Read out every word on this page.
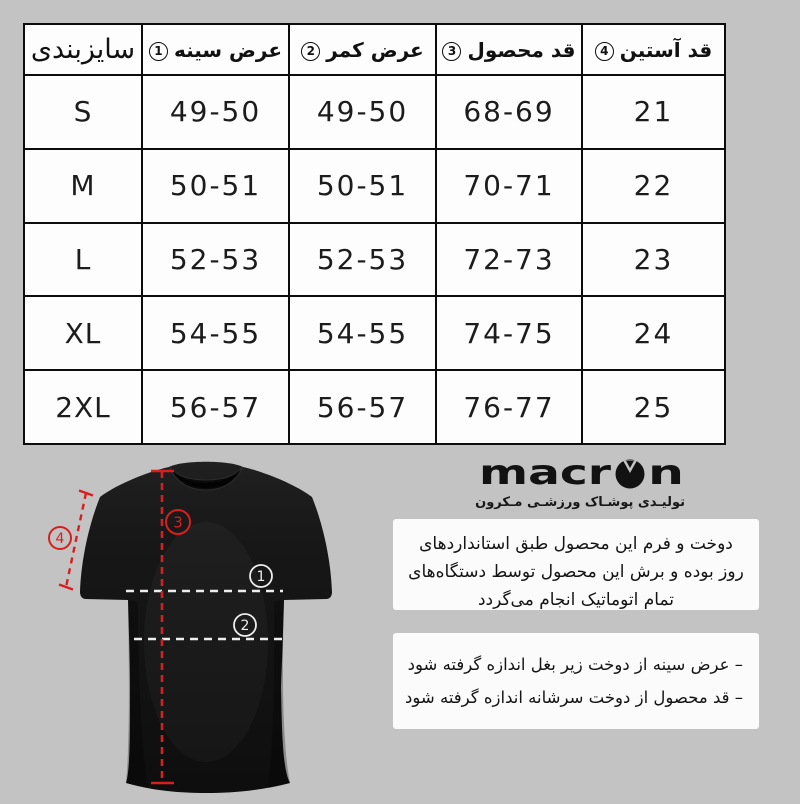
سایزبندی	عرض سینه1	عرض کمر2	قد محصول3	قد آستین4
S	49-50	49-50	68-69	21
M	50-51	50-51	70-71	22
L	52-53	52-53	72-73	23
XL	54-55	54-55	74-75	24
2XL	56-57	56-57	76-77	25
1
2
3
4
macr n
تولیـدی پوشـاک ورزشـی مـکرون
دوخت و فرم این محصول طبق استانداردهای روز بوده و برش این محصول توسط دستگاه‌های تمام اتوماتیک انجام می‌گردد
– عرض سینه از دوخت زیر بغل اندازه گرفته شود
– قد محصول از دوخت سرشانه اندازه گرفته شود
